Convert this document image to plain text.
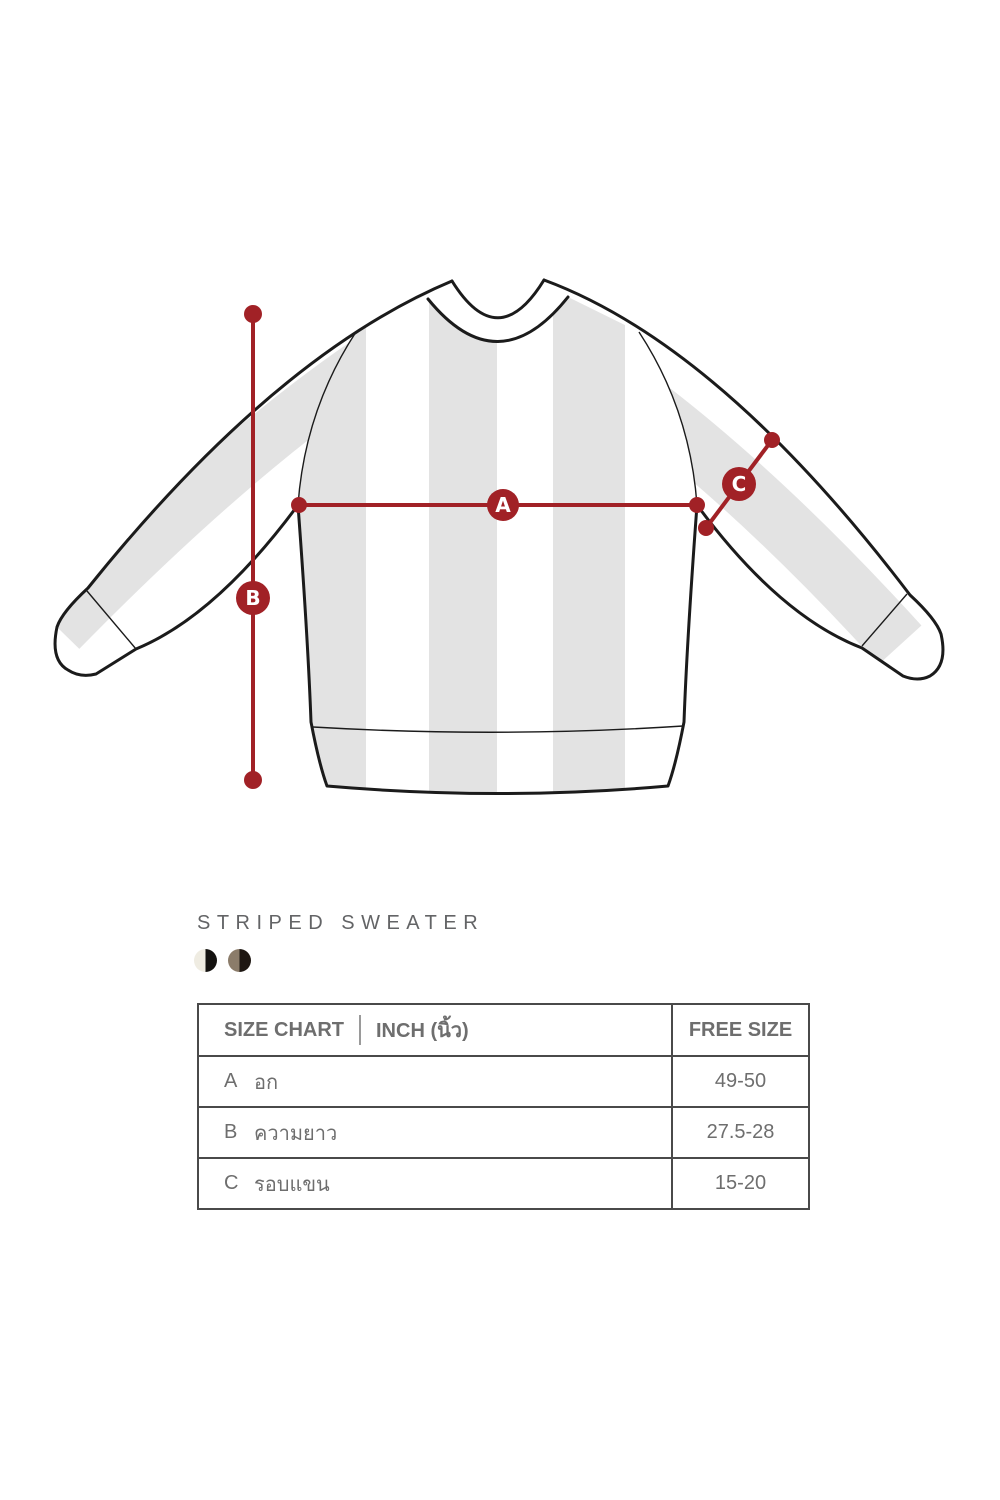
A
B
C
STRIPED SWEATER
SIZE CHART INCH (นิ้ว)	FREE SIZE
A อก	49-50
B ความยาว	27.5-28
C รอบแขน	15-20
